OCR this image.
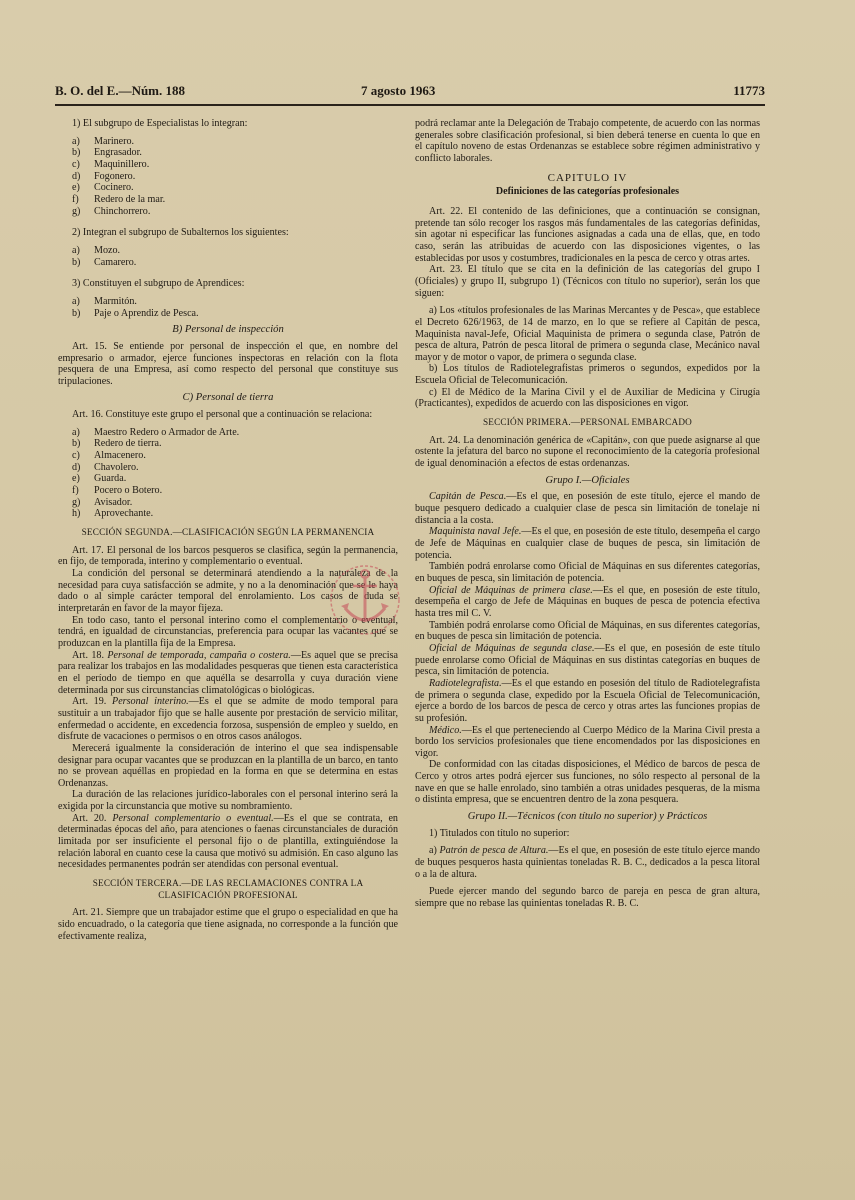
B. O. del E.—Núm. 188	7 agosto 1963	11773

1) El subgrupo de Especialistas lo integran:

a) Marinero.

b) Engrasador.

c) Maquinillero.

d) Fogonero.

e) Cocinero.

f) Redero de la mar.

g) Chinchorrero.

2) Integran el subgrupo de Subalternos los siguientes:

a) Mozo.

b) Camarero.

3) Constituyen el subgrupo de Aprendices:

a) Marmitón.

b) Paje o Aprendiz de Pesca.

B) Personal de inspección

Art. 15. Se entiende por personal de inspección el que, en nombre del empresario o armador, ejerce funciones inspectoras en relación con la flota pesquera de una Empresa, así como respecto del personal que constituye sus tripulaciones.

C) Personal de tierra

Art. 16. Constituye este grupo el personal que a continuación se relaciona:

a) Maestro Redero o Armador de Arte.

b) Redero de tierra.

c) Almacenero.

d) Chavolero.

e) Guarda.

f) Pocero o Botero.

g) Avisador.

h) Aprovechante.

SECCIÓN SEGUNDA.—CLASIFICACIÓN SEGÚN LA PERMANENCIA

Art. 17. El personal de los barcos pesqueros se clasifica, según la permanencia, en fijo, de temporada, interino y complementario o eventual.

La condición del personal se determinará atendiendo a la naturaleza de la necesidad para cuya satisfacción se admite, y no a la denominación que se le haya dado o al simple carácter temporal del enrolamiento. Los casos de duda se interpretarán en favor de la mayor fijeza.

En todo caso, tanto el personal interino como el complementario o eventual, tendrá, en igualdad de circunstancias, preferencia para ocupar las vacantes que se produzcan en la plantilla fija de la Empresa.

Art. 18. Personal de temporada, campaña o costera.—Es aquel que se precisa para realizar los trabajos en las modalidades pesqueras que tienen esta característica en el período de tiempo en que aquélla se desarrolla y cuya duración viene determinada por sus circunstancias climatológicas o biológicas.

Art. 19. Personal interino.—Es el que se admite de modo temporal para sustituir a un trabajador fijo que se halle ausente por prestación de servicio militar, enfermedad o accidente, en excedencia forzosa, suspensión de empleo y sueldo, en disfrute de vacaciones o permisos o en otros casos análogos.

Merecerá igualmente la consideración de interino el que sea indispensable designar para ocupar vacantes que se produzcan en la plantilla de un barco, en tanto no se provean aquéllas en propiedad en la forma en que se determina en estas Ordenanzas.

La duración de las relaciones jurídico-laborales con el personal interino será la exigida por la circunstancia que motive su nombramiento.

Art. 20. Personal complementario o eventual.—Es el que se contrata, en determinadas épocas del año, para atenciones o faenas circunstanciales de duración limitada por ser insuficiente el personal fijo o de plantilla, extinguiéndose la relación laboral en cuanto cese la causa que motivó su admisión. En caso alguno las necesidades permanentes podrán ser atendidas con personal eventual.

SECCIÓN TERCERA.—DE LAS RECLAMACIONES CONTRA LA CLASIFICACIÓN PROFESIONAL

Art. 21. Siempre que un trabajador estime que el grupo o especialidad en que ha sido encuadrado, o la categoría que tiene asignada, no corresponde a la función que efectivamente realiza,

podrá reclamar ante la Delegación de Trabajo competente, de acuerdo con las normas generales sobre clasificación profesional, si bien deberá tenerse en cuenta lo que en el capítulo noveno de estas Ordenanzas se establece sobre régimen administrativo y conflicto laborales.

CAPITULO IV

Definiciones de las categorías profesionales

Art. 22. El contenido de las definiciones, que a continuación se consignan, pretende tan sólo recoger los rasgos más fundamentales de las categorías definidas, sin agotar ni especificar las funciones asignadas a cada una de ellas, que, en todo caso, serán las atribuidas de acuerdo con las disposiciones vigentes, o las establecidas por usos y costumbres, tradicionales en la pesca de cerco y otras artes.

Art. 23. El título que se cita en la definición de las categorías del grupo I (Oficiales) y grupo II, subgrupo 1) (Técnicos con título no superior), serán los que siguen:

a) Los «títulos profesionales de las Marinas Mercantes y de Pesca», que establece el Decreto 626/1963, de 14 de marzo, en lo que se refiere al Capitán de pesca, Maquinista naval-Jefe, Oficial Maquinista de primera o segunda clase, Patrón de pesca de altura, Patrón de pesca litoral de primera o segunda clase, Mecánico naval mayor y de motor o vapor, de primera o segunda clase.

b) Los títulos de Radiotelegrafistas primeros o segundos, expedidos por la Escuela Oficial de Telecomunicación.

c) El de Médico de la Marina Civil y el de Auxiliar de Medicina y Cirugía (Practicantes), expedidos de acuerdo con las disposiciones en vigor.

SECCIÓN PRIMERA.—PERSONAL EMBARCADO

Art. 24. La denominación genérica de «Capitán», con que puede asignarse al que ostente la jefatura del barco no supone el reconocimiento de la categoría profesional de igual denominación a efectos de estas ordenanzas.

Grupo I.—Oficiales

Capitán de Pesca.—Es el que, en posesión de este título, ejerce el mando de buque pesquero dedicado a cualquier clase de pesca sin limitación de tonelaje ni distancia a la costa.

Maquinista naval Jefe.—Es el que, en posesión de este título, desempeña el cargo de Jefe de Máquinas en cualquier clase de buques de pesca, sin limitación de potencia.

También podrá enrolarse como Oficial de Máquinas en sus diferentes categorías, en buques de pesca, sin limitación de potencia.

Oficial de Máquinas de primera clase.—Es el que, en posesión de este título, desempeña el cargo de Jefe de Máquinas en buques de pesca de potencia efectiva hasta tres mil C. V.

También podrá enrolarse como Oficial de Máquinas, en sus diferentes categorías, en buques de pesca sin limitación de potencia.

Oficial de Máquinas de segunda clase.—Es el que, en posesión de este título puede enrolarse como Oficial de Máquinas en sus distintas categorías en buques de pesca, sin limitación de potencia.

Radiotelegrafista.—Es el que estando en posesión del título de Radiotelegrafista de primera o segunda clase, expedido por la Escuela Oficial de Telecomunicación, ejerce a bordo de los barcos de pesca de cerco y otras artes las funciones propias de su profesión.

Médico.—Es el que perteneciendo al Cuerpo Médico de la Marina Civil presta a bordo los servicios profesionales que tiene encomendados por las disposiciones en vigor.

De conformidad con las citadas disposiciones, el Médico de barcos de pesca de Cerco y otros artes podrá ejercer sus funciones, no sólo respecto al personal de la nave en que se halle enrolado, sino también a otras unidades pesqueras, de la misma o distinta empresa, que se encuentren dentro de la zona pesquera.

Grupo II.—Técnicos (con título no superior) y Prácticos

1) Titulados con título no superior:

a) Patrón de pesca de Altura.—Es el que, en posesión de este título ejerce mando de buques pesqueros hasta quinientas toneladas R. B. C., dedicados a la pesca litoral o a la de altura.

Puede ejercer mando del segundo barco de pareja en pesca de gran altura, siempre que no rebase las quinientas toneladas R. B. C.
